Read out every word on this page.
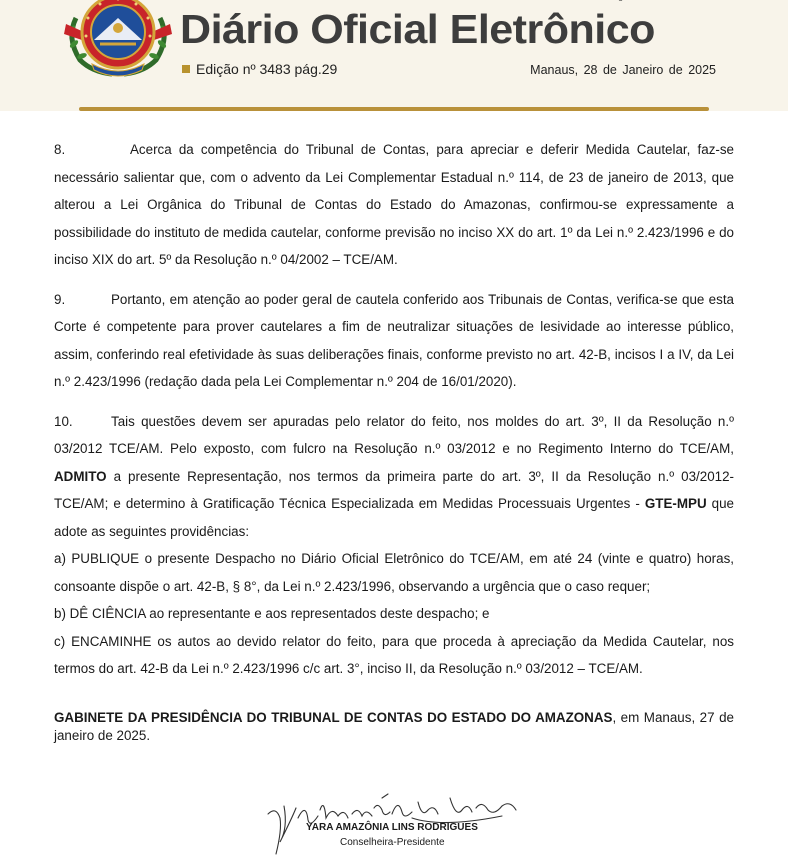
Diário Oficial Eletrônico
Edição nº 3483 pág.29	Manaus, 28 de Janeiro de 2025

8.	Acerca da competência do Tribunal de Contas, para apreciar e deferir Medida Cautelar, faz-se necessário salientar que, com o advento da Lei Complementar Estadual n.º 114, de 23 de janeiro de 2013, que alterou a Lei Orgânica do Tribunal de Contas do Estado do Amazonas, confirmou-se expressamente a possibilidade do instituto de medida cautelar, conforme previsão no inciso XX do art. 1º da Lei n.º 2.423/1996 e do inciso XIX do art. 5º da Resolução n.º 04/2002 – TCE/AM.

9.	Portanto, em atenção ao poder geral de cautela conferido aos Tribunais de Contas, verifica-se que esta Corte é competente para prover cautelares a fim de neutralizar situações de lesividade ao interesse público, assim, conferindo real efetividade às suas deliberações finais, conforme previsto no art. 42-B, incisos I a IV, da Lei n.º 2.423/1996 (redação dada pela Lei Complementar n.º 204 de 16/01/2020).

10.	Tais questões devem ser apuradas pelo relator do feito, nos moldes do art. 3º, II da Resolução n.º 03/2012 TCE/AM. Pelo exposto, com fulcro na Resolução n.º 03/2012 e no Regimento Interno do TCE/AM, ADMITO a presente Representação, nos termos da primeira parte do art. 3º, II da Resolução n.º 03/2012-TCE/AM; e determino à Gratificação Técnica Especializada em Medidas Processuais Urgentes - GTE-MPU que adote as seguintes providências:

a) PUBLIQUE o presente Despacho no Diário Oficial Eletrônico do TCE/AM, em até 24 (vinte e quatro) horas, consoante dispõe o art. 42-B, § 8°, da Lei n.º 2.423/1996, observando a urgência que o caso requer;

b) DÊ CIÊNCIA ao representante e aos representados deste despacho; e

c) ENCAMINHE os autos ao devido relator do feito, para que proceda à apreciação da Medida Cautelar, nos termos do art. 42-B da Lei n.º 2.423/1996 c/c art. 3°, inciso II, da Resolução n.º 03/2012 – TCE/AM.

GABINETE DA PRESIDÊNCIA DO TRIBUNAL DE CONTAS DO ESTADO DO AMAZONAS, em Manaus, 27 de janeiro de 2025.
YARA AMAZÔNIA LINS RODRIGUES
Conselheira-Presidente
